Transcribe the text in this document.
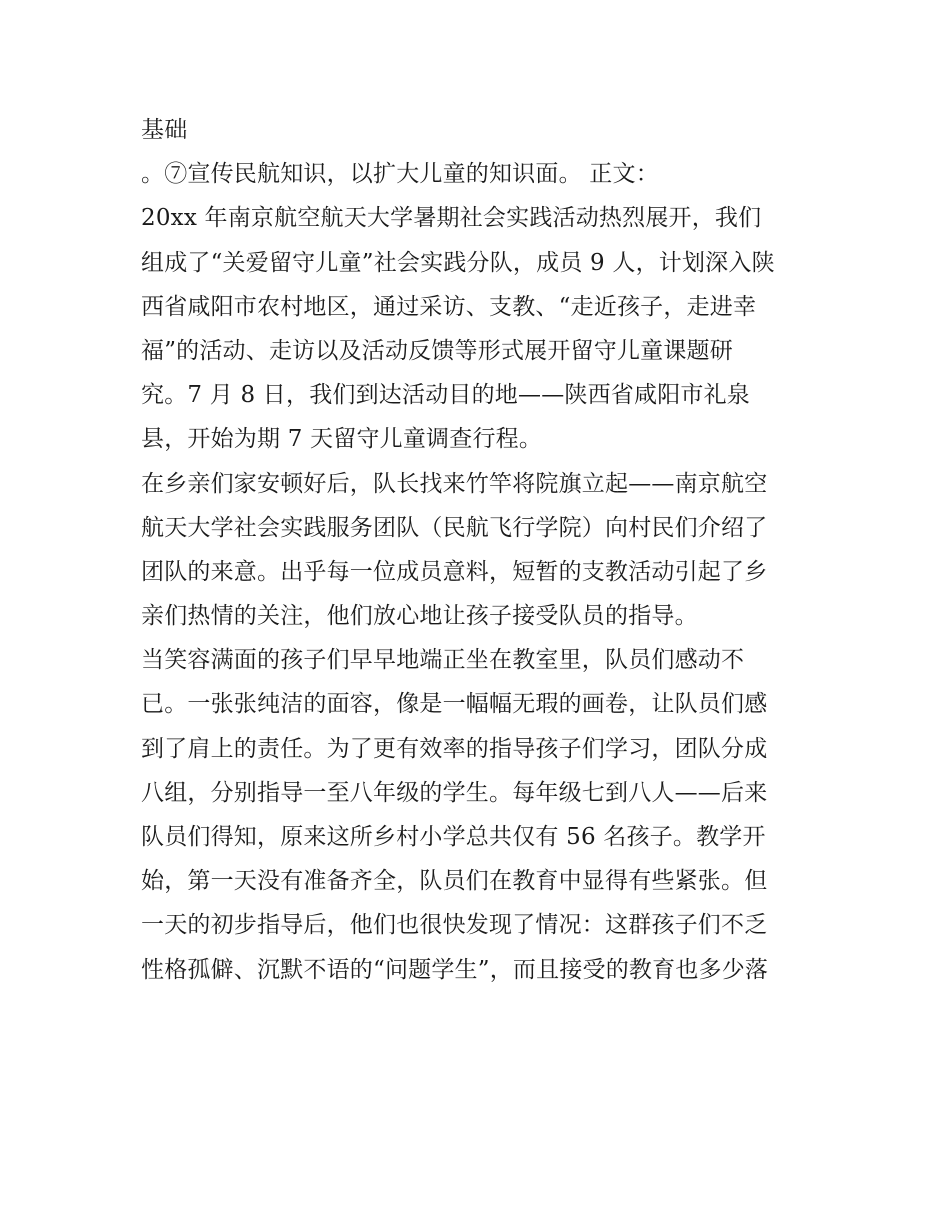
基础
。⑦宣传民航知识，以扩大儿童的知识面。 正文：
20xx 年南京航空航天大学暑期社会实践活动热烈展开，我们
组成了“关爱留守儿童”社会实践分队，成员 9 人，计划深入陕
西省咸阳市农村地区，通过采访、支教、“走近孩子，走进幸
福”的活动、走访以及活动反馈等形式展开留守儿童课题研
究。7 月 8 日，我们到达活动目的地——陕西省咸阳市礼泉
县，开始为期 7 天留守儿童调查行程。
在乡亲们家安顿好后，队长找来竹竿将院旗立起——南京航空
航天大学社会实践服务团队（民航飞行学院）向村民们介绍了
团队的来意。出乎每一位成员意料，短暂的支教活动引起了乡
亲们热情的关注，他们放心地让孩子接受队员的指导。
当笑容满面的孩子们早早地端正坐在教室里，队员们感动不
已。一张张纯洁的面容，像是一幅幅无瑕的画卷，让队员们感
到了肩上的责任。为了更有效率的指导孩子们学习，团队分成
八组，分别指导一至八年级的学生。每年级七到八人——后来
队员们得知，原来这所乡村小学总共仅有 56 名孩子。教学开
始，第一天没有准备齐全，队员们在教育中显得有些紧张。但
一天的初步指导后，他们也很快发现了情况：这群孩子们不乏
性格孤僻、沉默不语的“问题学生”，而且接受的教育也多少落
